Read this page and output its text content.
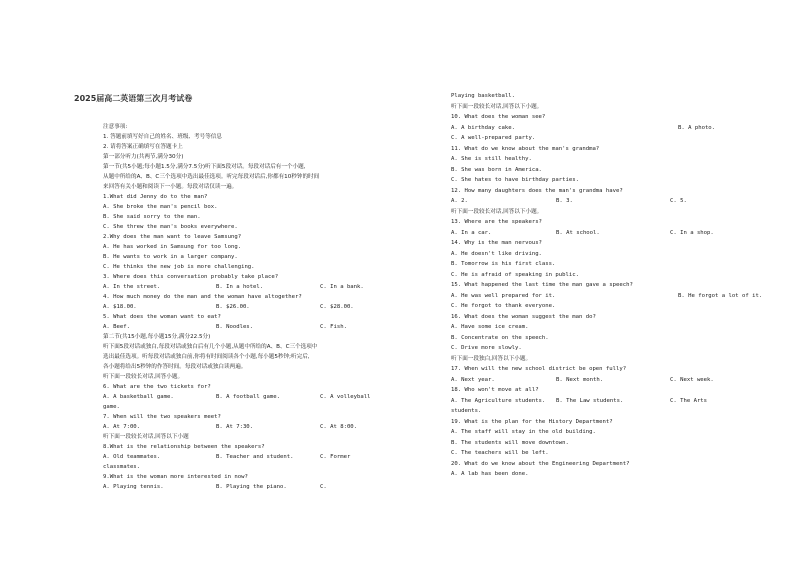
2025届高二英语第三次月考试卷
注意事项:
1. 答题前填写好自己的姓名、班级、考号等信息
2. 请将答案正确填写在答题卡上
第一部分听力(共两节,满分30分)
第一节(共5小题;每小题1.5分,满分7.5分)听下面5段对话。每段对话后有一个小题,
从题中所给的A、B、C三个选项中选出最佳选项。听完每段对话后,你都有10秒钟的时间
来回答有关小题和阅读下一小题。每段对话仅读一遍。
1.What did Jenny do to the man?
A. She broke the man's pencil box.
B. She said sorry to the man.
C. She threw the man's books everywhere.
2.Why does the man want to leave Samsung?
A. He has worked in Samsung for too long.
B. He wants to work in a larger company.
C. He thinks the new job is more challenging.
3. Where does this conversation probably take place?
A. In the street.	B. In a hotel.	C. In a bank.
4. How much money do the man and the woman have altogether?
A. $18.00.	B. $26.00.	C. $28.00.
5. What does the woman want to eat?
A. Beef.	B. Noodles.	C. Fish.
第二节(共15小题,每小题15分,满分22.5分)
听下面5段对话或独白,每段对话或独白后有几个小题,从题中所给的A、B、C三个选项中
选出最佳选项。听每段对话或独白前,你将有时间阅读各个小题,每小题5秒钟;听完后,
各小题将给出5秒钟的作答时间。每段对话或独白读两遍。
听下面一段较长对话,回答小题。
6. What are the two tickets for?
A. A basketball game.	B. A football game.	C. A volleyball
game.
7. When will the two speakers meet?
A. At 7:00.	B. At 7:30.	C. At 8:00.
听下面一段较长对话,回答以下小题
8.What is the relationship between the speakers?
A. Old teammates.	B. Teacher and student.	C. Former
classmates.
9.What is the woman more interested in now?
A. Playing tennis.	B. Playing the piano.	C.
Playing basketball.
听下面一段较长对话,回答以下小题。
10. What does the woman see?
A. A birthday cake.	B. A photo.
C. A well-prepared party.
11. What do we know about the man's grandma?
A. She is still healthy.
B. She was born in America.
C. She hates to have birthday parties.
12. How many daughters does the man's grandma have?
A. 2.	B. 3.	C. 5.
听下面一段较长对话,回答以下小题。
13. Where are the speakers?
A. In a car.	B. At school.	C. In a shop.
14. Why is the man nervous?
A. He doesn't like driving.
B. Tomorrow is his first class.
C. He is afraid of speaking in public.
15. What happened the last time the man gave a speech?
A. He was well prepared for it.	B. He forgot a lot of it.
C. He forgot to thank everyone.
16. What does the woman suggest the man do?
A. Have some ice cream.
B. Concentrate on the speech.
C. Drive more slowly.
听下面一段独白,回答以下小题。
17. When will the new school district be open fully?
A. Next year.	B. Next month.	C. Next week.
18. Who won't move at all?
A. The Agriculture students. B. The Law students.	C. The Arts
students.
19. What is the plan for the History Department?
A. The staff will stay in the old building.
B. The students will move downtown.
C. The teachers will be left.
20. What do we know about the Engineering Department?
A. A lab has been done.
